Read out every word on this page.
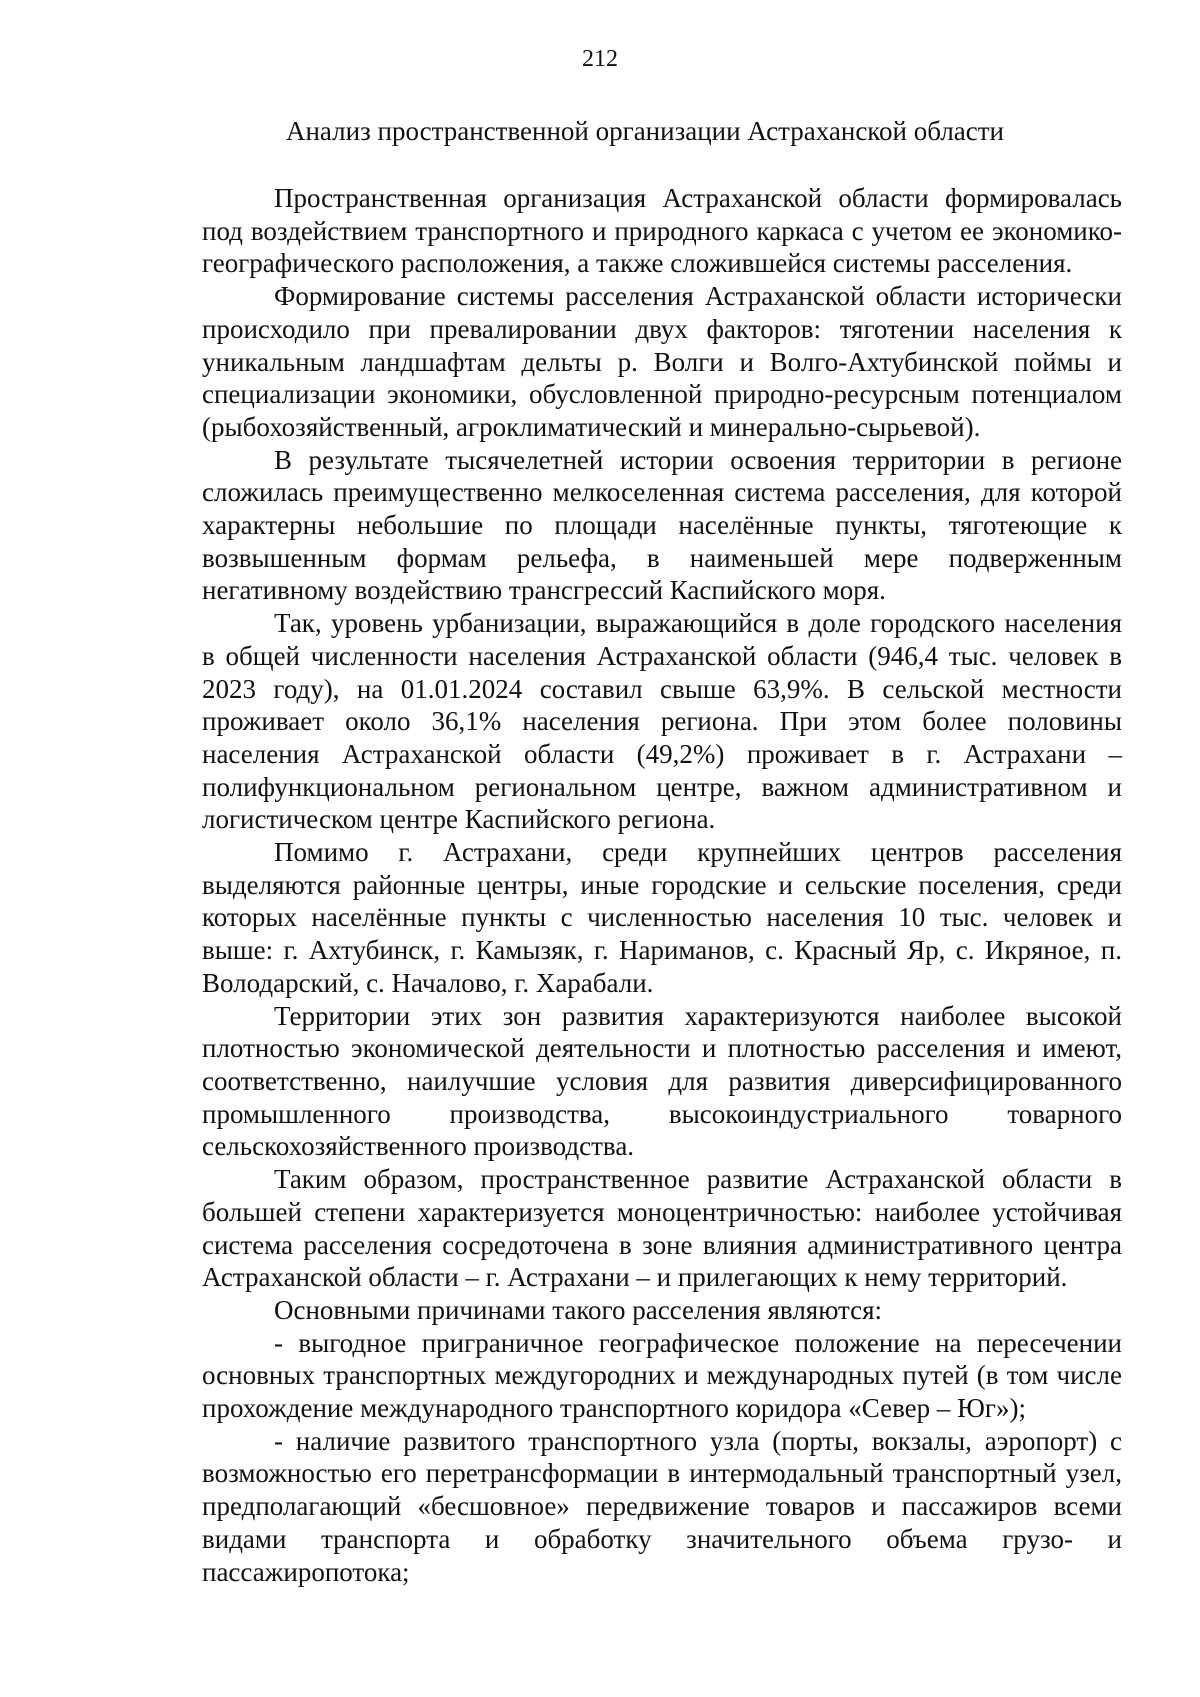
212
Анализ пространственной организации Астраханской области

Пространственная организация Астраханской области формировалась под воздействием транспортного и природного каркаса с учетом ее экономико-географического расположения, а также сложившейся системы расселения.

Формирование системы расселения Астраханской области исторически происходило при превалировании двух факторов: тяготении населения к уникальным ландшафтам дельты р. Волги и Волго-Ахтубинской поймы и специализации экономики, обусловленной природно-ресурсным потенциалом (рыбохозяйственный, агроклиматический и минерально-сырьевой).

В результате тысячелетней истории освоения территории в регионе сложилась преимущественно мелкоселенная система расселения, для которой характерны небольшие по площади населённые пункты, тяготеющие к возвышенным формам рельефа, в наименьшей мере подверженным негативному воздействию трансгрессий Каспийского моря.

Так, уровень урбанизации, выражающийся в доле городского населения в общей численности населения Астраханской области (946,4 тыс. человек в 2023 году), на 01.01.2024 составил свыше 63,9%. В сельской местности проживает около 36,1% населения региона. При этом более половины населения Астраханской области (49,2%) проживает в г. Астрахани – полифункциональном региональном центре, важном административном и логистическом центре Каспийского региона.

Помимо г. Астрахани, среди крупнейших центров расселения выделяются районные центры, иные городские и сельские поселения, среди которых населённые пункты с численностью населения 10 тыс. человек и выше: г. Ахтубинск, г. Камызяк, г. Нариманов, с. Красный Яр, с. Икряное, п. Володарский, с. Началово, г. Харабали.

Территории этих зон развития характеризуются наиболее высокой плотностью экономической деятельности и плотностью расселения и имеют, соответственно, наилучшие условия для развития диверсифицированного промышленного производства, высокоиндустриального товарного сельскохозяйственного производства.

Таким образом, пространственное развитие Астраханской области в большей степени характеризуется моноцентричностью: наиболее устойчивая система расселения сосредоточена в зоне влияния административного центра Астраханской области – г. Астрахани – и прилегающих к нему территорий.

Основными причинами такого расселения являются:

- выгодное приграничное географическое положение на пересечении основных транспортных междугородних и международных путей (в том числе прохождение международного транспортного коридора «Север – Юг»);

- наличие развитого транспортного узла (порты, вокзалы, аэропорт) с возможностью его перетрансформации в интермодальный транспортный узел, предполагающий «бесшовное» передвижение товаров и пассажиров всеми видами транспорта и обработку значительного объема грузо- и пассажиропотока;
